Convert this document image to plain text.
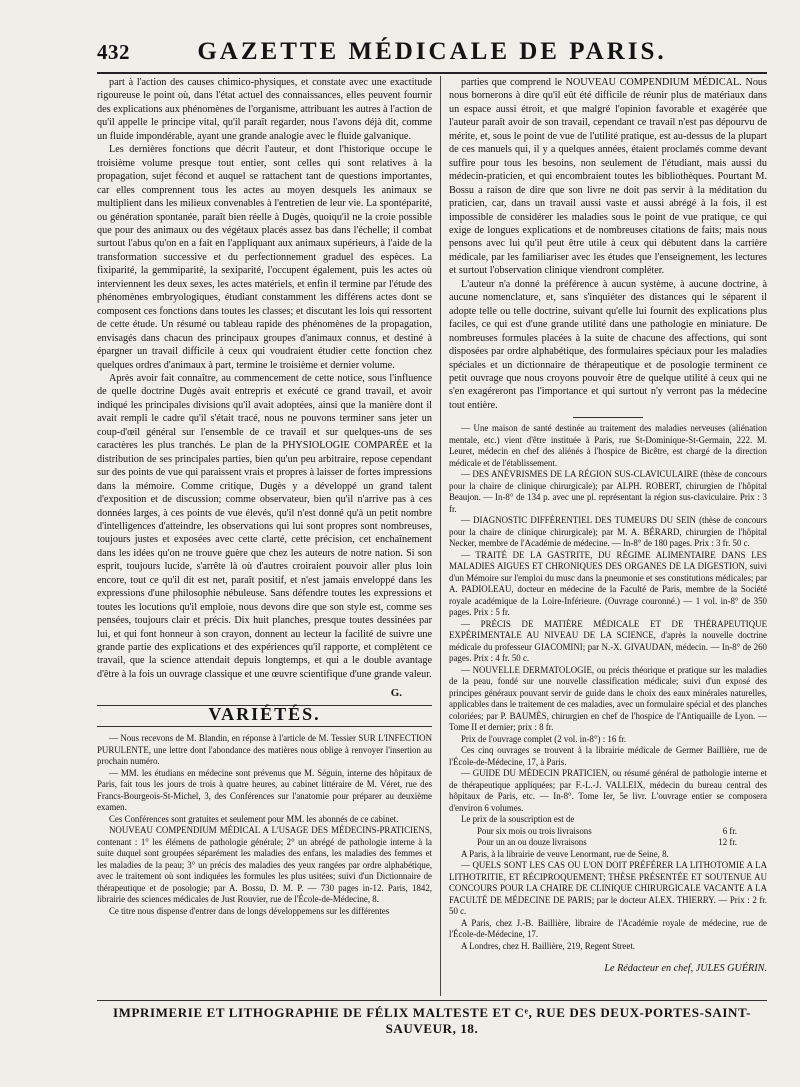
432	GAZETTE MÉDICALE DE PARIS.

part à l'action des causes chimico-physiques, et constate avec une exactitude rigoureuse le point où, dans l'état actuel des connaissances, elles peuvent fournir des explications aux phénomènes de l'organisme, attribuant les autres à l'action de qu'il appelle le principe vital, qu'il paraît regarder, nous l'avons déjà dit, comme un fluide impondérable, ayant une grande analogie avec le fluide galvanique.

Les dernières fonctions que décrit l'auteur, et dont l'historique occupe le troisième volume presque tout entier, sont celles qui sont relatives à la propagation, sujet fécond et auquel se rattachent tant de questions importantes, car elles comprennent tous les actes au moyen desquels les animaux se multiplient dans les milieux convenables à l'entretien de leur vie. La spontéparité, ou génération spontanée, paraît bien réelle à Dugès, quoiqu'il ne la croie possible que pour des animaux ou des végétaux placés assez bas dans l'échelle; il combat surtout l'abus qu'on en a fait en l'appliquant aux animaux supérieurs, à l'aide de la transformation successive et du perfectionnement graduel des espèces. La fixiparité, la gemmiparité, la sexiparité, l'occupent également, puis les actes où interviennent les deux sexes, les actes matériels, et enfin il termine par l'étude des phénomènes embryologiques, étudiant constamment les différens actes dont se composent ces fonctions dans toutes les classes; et discutant les lois qui ressortent de cette étude. Un résumé ou tableau rapide des phénomènes de la propagation, envisagés dans chacun des principaux groupes d'animaux connus, et destiné à épargner un travail difficile à ceux qui voudraient étudier cette fonction chez quelques ordres d'animaux à part, termine le troisième et dernier volume.

Après avoir fait connaître, au commencement de cette notice, sous l'influence de quelle doctrine Dugès avait entrepris et exécuté ce grand travail, et avoir indiqué les principales divisions qu'il avait adoptées, ainsi que la manière dont il avait rempli le cadre qu'il s'était tracé, nous ne pouvons terminer sans jeter un coup-d'œil général sur l'ensemble de ce travail et sur quelques-uns de ses caractères les plus tranchés. Le plan de la PHYSIOLOGIE COMPARÉE et la distribution de ses principales parties, bien qu'un peu arbitraire, repose cependant sur des points de vue qui paraissent vrais et propres à laisser de fortes impressions dans la mémoire. Comme critique, Dugès y a développé un grand talent d'exposition et de discussion; comme observateur, bien qu'il n'arrive pas à ces données larges, à ces points de vue élevés, qu'il n'est donné qu'à un petit nombre d'intelligences d'atteindre, les observations qui lui sont propres sont nombreuses, toujours justes et exposées avec cette clarté, cette précision, cet enchaînement dans les idées qu'on ne trouve guère que chez les auteurs de notre nation. Si son esprit, toujours lucide, s'arrête là où d'autres croiraient pouvoir aller plus loin encore, tout ce qu'il dit est net, paraît positif, et n'est jamais enveloppé dans les expressions d'une philosophie nébuleuse. Sans défendre toutes les expressions et toutes les locutions qu'il emploie, nous devons dire que son style est, comme ses pensées, toujours clair et précis. Dix huit planches, presque toutes dessinées par lui, et qui font honneur à son crayon, donnent au lecteur la facilité de suivre une grande partie des explications et des expériences qu'il rapporte, et complètent ce travail, que la science attendait depuis longtemps, et qui a le double avantage d'être à la fois un ouvrage classique et une œuvre scientifique d'une grande valeur.

G.

VARIÉTÉS.

— Nous recevons de M. Blandin, en réponse à l'article de M. Tessier SUR L'INFECTION PURULENTE, une lettre dont l'abondance des matières nous oblige à renvoyer l'insertion au prochain numéro.

— MM. les étudians en médecine sont prévenus que M. Séguin, interne des hôpitaux de Paris, fait tous les jours de trois à quatre heures, au cabinet littéraire de M. Véret, rue des Francs-Bourgeois-St-Michel, 3, des Conférences sur l'anatomie pour préparer au deuxième examen.

Ces Conférences sont gratuites et seulement pour MM. les abonnés de ce cabinet.

NOUVEAU COMPENDIUM MÉDICAL A L'USAGE DES MÉDECINS-PRATICIENS, contenant : 1° les élémens de pathologie générale; 2° un abrégé de pathologie interne à la suite duquel sont groupées séparément les maladies des enfans, les maladies des femmes et les maladies de la peau; 3° un précis des maladies des yeux rangées par ordre alphabétique, avec le traitement où sont indiquées les formules les plus usitées; suivi d'un Dictionnaire de thérapeutique et de posologie; par A. Bossu, D. M. P. — 730 pages in-12. Paris, 1842, librairie des sciences médicales de Just Rouvier, rue de l'École-de-Médecine, 8.

Ce titre nous dispense d'entrer dans de longs développemens sur les différentes

parties que comprend le NOUVEAU COMPENDIUM MÉDICAL. Nous nous bornerons à dire qu'il eût été difficile de réunir plus de matériaux dans un espace aussi étroit, et que malgré l'opinion favorable et exagérée que l'auteur paraît avoir de son travail, cependant ce travail n'est pas dépourvu de mérite, et, sous le point de vue de l'utilité pratique, est au-dessus de la plupart de ces manuels qui, il y a quelques années, étaient proclamés comme devant suffire pour tous les besoins, non seulement de l'étudiant, mais aussi du médecin-praticien, et qui encombraient toutes les bibliothèques. Pourtant M. Bossu a raison de dire que son livre ne doit pas servir à la méditation du praticien, car, dans un travail aussi vaste et aussi abrégé à la fois, il est impossible de considérer les maladies sous le point de vue pratique, ce qui exige de longues explications et de nombreuses citations de faits; mais nous pensons avec lui qu'il peut être utile à ceux qui débutent dans la carrière médicale, par les familiariser avec les études que l'enseignement, les lectures et surtout l'observation clinique viendront compléter.

L'auteur n'a donné la préférence à aucun système, à aucune doctrine, à aucune nomenclature, et, sans s'inquiéter des distances qui le séparent il adopte telle ou telle doctrine, suivant qu'elle lui fournit des explications plus faciles, ce qui est d'une grande utilité dans une pathologie en miniature. De nombreuses formules placées à la suite de chacune des affections, qui sont disposées par ordre alphabétique, des formulaires spéciaux pour les maladies spéciales et un dictionnaire de thérapeutique et de posologie terminent ce petit ouvrage que nous croyons pouvoir être de quelque utilité à ceux qui ne s'en exagéreront pas l'importance et qui surtout n'y verront pas la médecine tout entière.

— Une maison de santé destinée au traitement des maladies nerveuses (aliénation mentale, etc.) vient d'être instituée à Paris, rue St-Dominique-St-Germain, 222. M. Leuret, médecin en chef des aliénés à l'hospice de Bicêtre, est chargé de la direction médicale et de l'établissement.

— DES ANÉVRISMES DE LA RÉGION SUS-CLAVICULAIRE (thèse de concours pour la chaire de clinique chirurgicale); par ALPH. ROBERT, chirurgien de l'hôpital Beaujon. — In-8° de 134 p. avec une pl. représentant la région sus-claviculaire. Prix : 3 fr.

— DIAGNOSTIC DIFFÉRENTIEL DES TUMEURS DU SEIN (thèse de concours pour la chaire de clinique chirurgicale); par M. A. BÉRARD, chirurgien de l'hôpital Necker, membre de l'Académie de médecine. — In-8° de 180 pages. Prix : 3 fr. 50 c.

— TRAITÉ DE LA GASTRITE, DU RÉGIME ALIMENTAIRE DANS LES MALADIES AIGUES ET CHRONIQUES DES ORGANES DE LA DIGESTION, suivi d'un Mémoire sur l'emploi du musc dans la pneumonie et ses constitutions médicales; par A. PADIOLEAU, docteur en médecine de la Faculté de Paris, membre de la Société royale académique de la Loire-Inférieure. (Ouvrage couronné.) — 1 vol. in-8° de 350 pages. Prix : 5 fr.

— PRÉCIS DE MATIÈRE MÉDICALE ET DE THÉRAPEUTIQUE EXPÉRIMENTALE AU NIVEAU DE LA SCIENCE, d'après la nouvelle doctrine médicale du professeur GIACOMINI; par N.-X. GIVAUDAN, médecin. — In-8° de 260 pages. Prix : 4 fr. 50 c.

— NOUVELLE DERMATOLOGIE, ou précis théorique et pratique sur les maladies de la peau, fondé sur une nouvelle classification médicale; suivi d'un exposé des principes généraux pouvant servir de guide dans le choix des eaux minérales naturelles, applicables dans le traitement de ces maladies, avec un formulaire spécial et des planches coloriées; par P. BAUMÈS, chirurgien en chef de l'hospice de l'Antiquaille de Lyon. — Tome II et dernier; prix : 8 fr.

Prix de l'ouvrage complet (2 vol. in-8°) : 16 fr.

Ces cinq ouvrages se trouvent à la librairie médicale de Germer Baillière, rue de l'École-de-Médecine, 17, à Paris.

— GUIDE DU MÉDECIN PRATICIEN, ou résumé général de pathologie interne et de thérapeutique appliquées; par F.-L.-J. VALLEIX, médecin du bureau central des hôpitaux de Paris, etc. — In-8°. Tome Ier, 5e livr. L'ouvrage entier se composera d'environ 6 volumes.

Le prix de la souscription est de

Pour six mois ou trois livraisons	6 fr.
Pour un an ou douze livraisons	12 fr.

A Paris, à la librairie de veuve Lenormant, rue de Seine, 8.

— QUELS SONT LES CAS OU L'ON DOIT PRÉFÉRER LA LITHOTOMIE A LA LITHOTRITIE, ET RÉCIPROQUEMENT; THÈSE PRÉSENTÉE ET SOUTENUE AU CONCOURS POUR LA CHAIRE DE CLINIQUE CHIRURGICALE VACANTE A LA FACULTÉ DE MÉDECINE DE PARIS; par le docteur ALEX. THIERRY. — Prix : 2 fr. 50 c.

A Paris, chez J.-B. Baillière, libraire de l'Académie royale de médecine, rue de l'École-de-Médecine, 17.

A Londres, chez H. Baillière, 219, Regent Street.

Le Rédacteur en chef, JULES GUÉRIN.

IMPRIMERIE ET LITHOGRAPHIE DE FÉLIX MALTESTE ET Cᵉ, RUE DES DEUX-PORTES-SAINT-SAUVEUR, 18.
